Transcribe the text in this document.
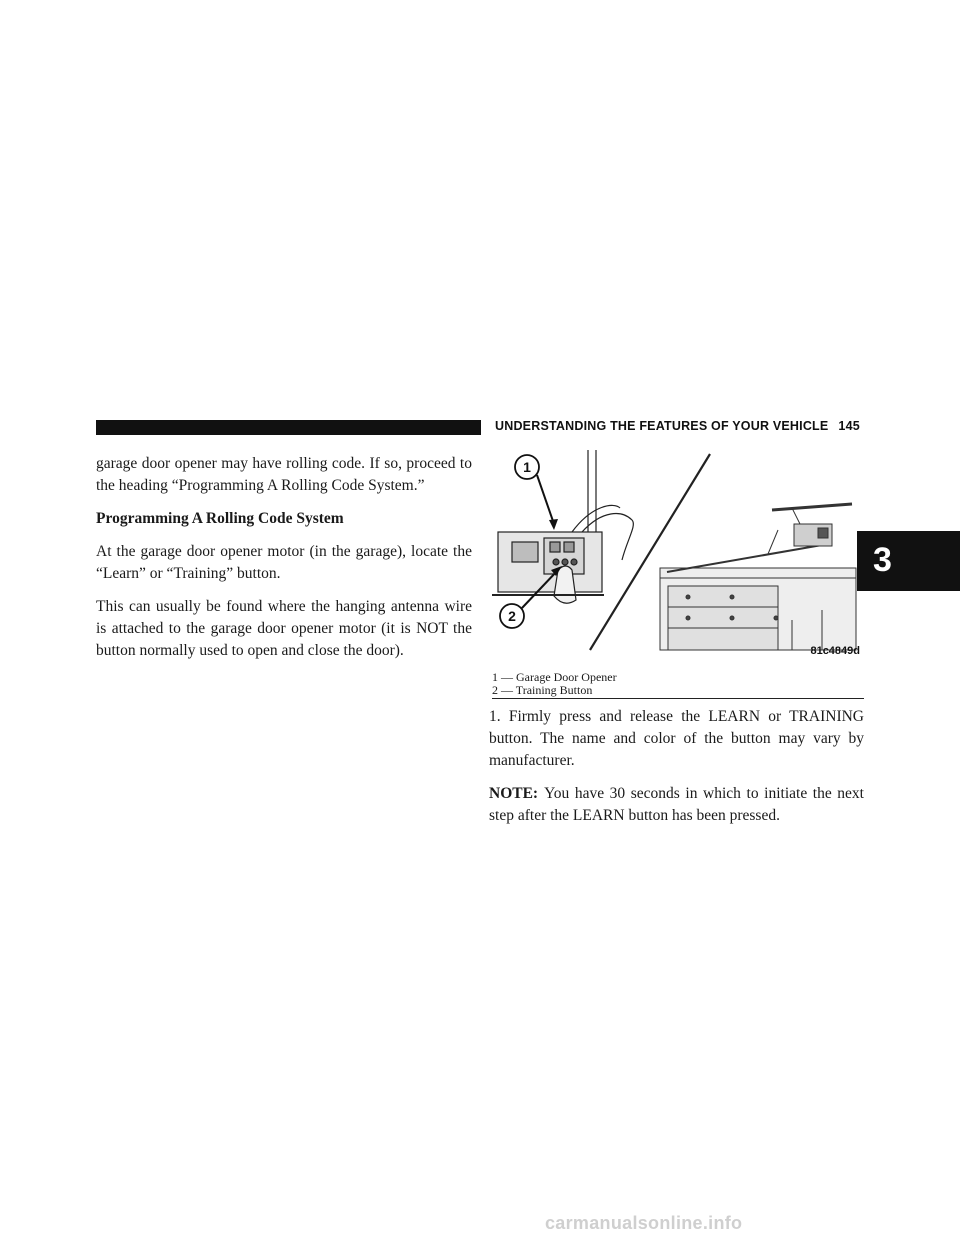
UNDERSTANDING THE FEATURES OF YOUR VEHICLE 145

garage door opener may have rolling code. If so, proceed to the heading “Programming A Rolling Code System.”

Programming A Rolling Code System

At the garage door opener motor (in the garage), locate the “Learn” or “Training” button.

This can usually be found where the hanging antenna wire is attached to the garage door opener motor (it is NOT the button normally used to open and close the door).

1
2
81c4849d
1 — Garage Door Opener
2 — Training Button

1. Firmly press and release the LEARN or TRAINING button. The name and color of the button may vary by manufacturer.

NOTE: You have 30 seconds in which to initiate the next step after the LEARN button has been pressed.

3
carmanualsonline.info
